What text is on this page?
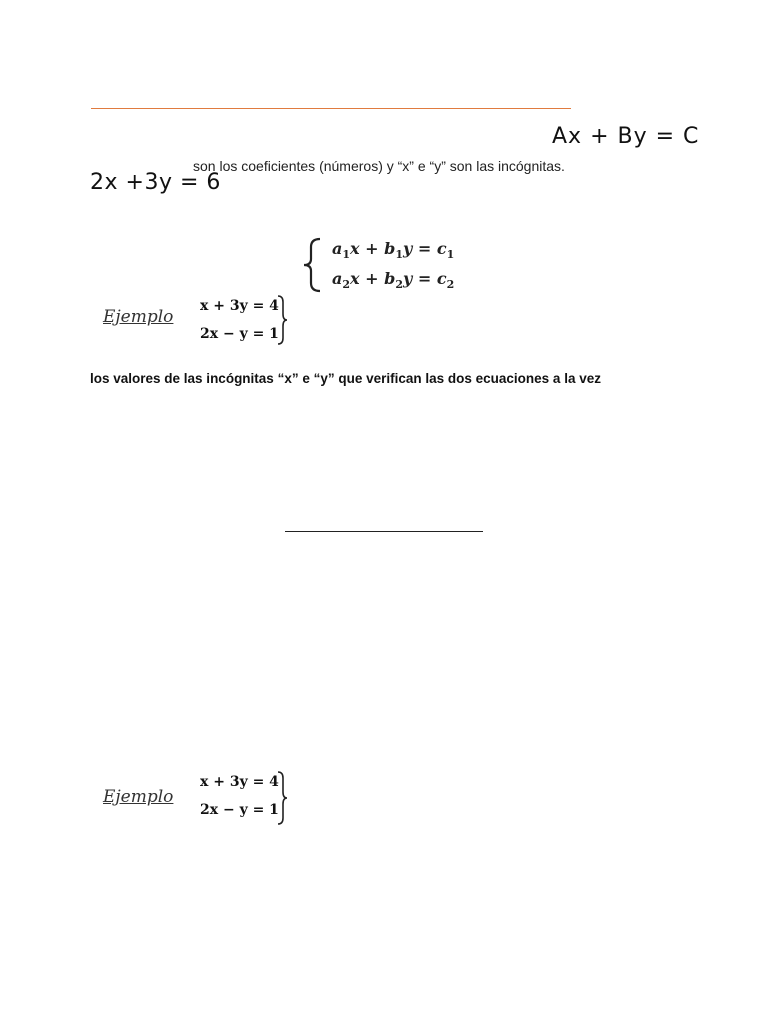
Ax + By = C
2x +3y = 6
son los coeficientes (números) y “x” e “y” son las incógnitas.
$a_1x + b_1y = c_1$
$a_2x + b_2y = c_2$
Ejemplo
x + 3y = 4
2x − y = 1
los valores de las incógnitas “x” e “y” que verifican las dos ecuaciones a la vez
Ejemplo
x + 3y = 4
2x − y = 1
